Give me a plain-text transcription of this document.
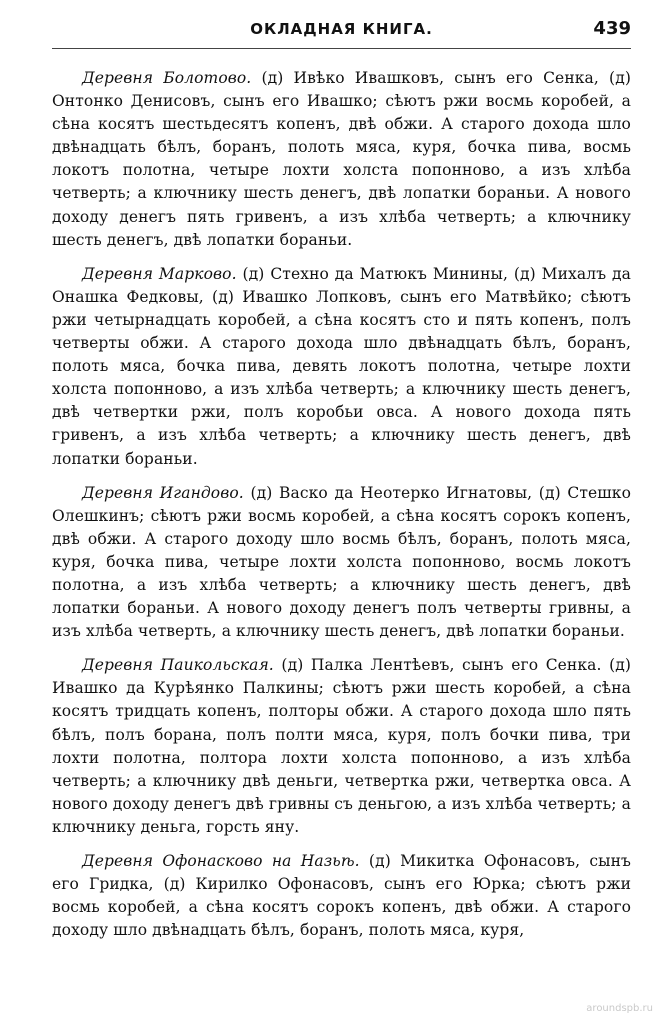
ОКЛАДНАЯ КНИГА.	439

Деревня Болотово. (д) Ивѣко Ивашковъ, сынъ его Сенка, (д) Онтонко Денисовъ, сынъ его Ивашко; сѣютъ ржи восмь коробей, а сѣна косятъ шестьдесятъ копенъ, двѣ обжи. А старого дохода шло двѣнадцать бѣлъ, боранъ, полоть мяса, куря, бочка пива, восмь локотъ полотна, четыре лохти холста попонново, а изъ хлѣба четверть; а ключнику шесть денегъ, двѣ лопатки бораньи. А нового доходу денегъ пять гривенъ, а изъ хлѣба четверть; а ключнику шесть денегъ, двѣ лопатки бораньи.

Деревня Марково. (д) Стехно да Матюкъ Минины, (д) Михалъ да Онашка Федковы, (д) Ивашко Лопковъ, сынъ его Матвѣйко; сѣютъ ржи четырнадцать коробей, а сѣна косятъ сто и пять копенъ, полъ четверты обжи. А старого дохода шло двѣнадцать бѣлъ, боранъ, полоть мяса, бочка пива, девять локотъ полотна, четыре лохти холста попонново, а изъ хлѣба четверть; а ключнику шесть денегъ, двѣ четвертки ржи, полъ коробьи овса. А нового дохода пять гривенъ, а изъ хлѣба четверть; а ключнику шесть денегъ, двѣ лопатки бораньи.

Деревня Игандово. (д) Васко да Неотерко Игнатовы, (д) Стешко Олешкинъ; сѣютъ ржи восмь коробей, а сѣна косятъ сорокъ копенъ, двѣ обжи. А старого доходу шло восмь бѣлъ, боранъ, полоть мяса, куря, бочка пива, четыре лохти холста попонново, восмь локотъ полотна, а изъ хлѣба четверть; а ключнику шесть денегъ, двѣ лопатки бораньи. А нового доходу денегъ полъ четверты гривны, а изъ хлѣба четверть, а ключнику шесть денегъ, двѣ лопатки бораньи.

Деревня Паикольская. (д) Палка Лентѣевъ, сынъ его Сенка. (д) Ивашко да Курѣянко Палкины; сѣютъ ржи шесть коробей, а сѣна косятъ тридцать копенъ, полторы обжи. А старого дохода шло пять бѣлъ, полъ борана, полъ полти мяса, куря, полъ бочки пива, три лохти полотна, полтора лохти холста попонново, а изъ хлѣба четверть; а ключнику двѣ деньги, четвертка ржи, четвертка овса. А нового доходу денегъ двѣ гривны съ деньгою, а изъ хлѣба четверть; а ключнику деньга, горсть яну.

Деревня Офонасково на Назьѣ. (д) Микитка Офонасовъ, сынъ его Гридка, (д) Кирилко Офонасовъ, сынъ его Юрка; сѣютъ ржи восмь коробей, а сѣна косятъ сорокъ копенъ, двѣ обжи. А старого доходу шло двѣнадцать бѣлъ, боранъ, полоть мяса, куря,

aroundspb.ru
